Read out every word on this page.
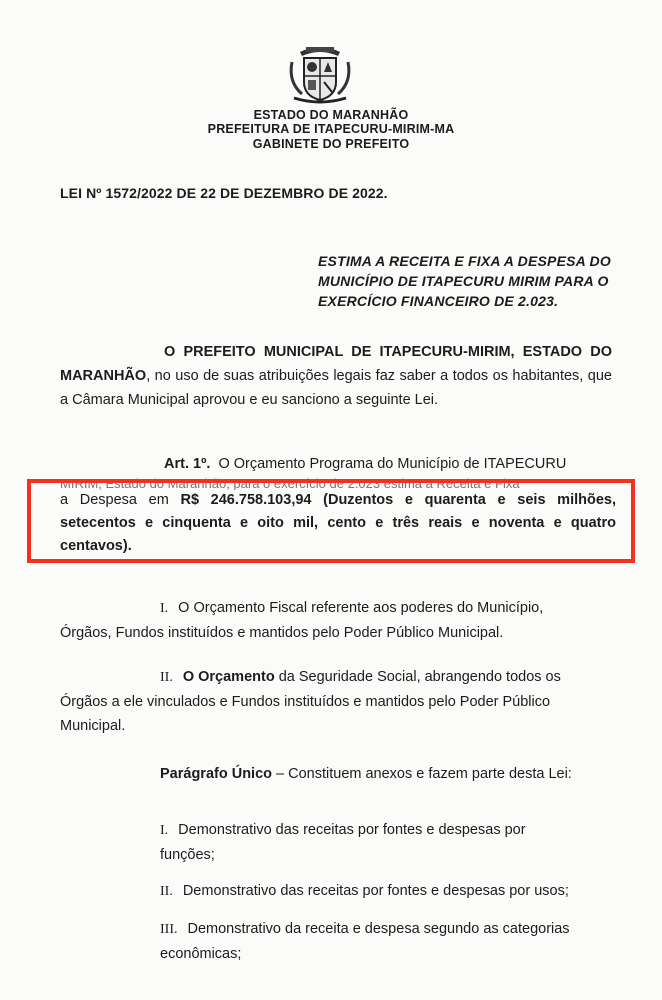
ESTADO DO MARANHÃO
PREFEITURA DE ITAPECURU-MIRIM-MA
GABINETE DO PREFEITO
LEI Nº 1572/2022 DE 22 DE DEZEMBRO DE 2022.
ESTIMA A RECEITA E FIXA A DESPESA DO
MUNICÍPIO DE ITAPECURU MIRIM PARA O
EXERCÍCIO FINANCEIRO DE 2.023.
O PREFEITO MUNICIPAL DE ITAPECURU-MIRIM, ESTADO DO
MARANHÃO, no uso de suas atribuições legais faz saber a todos os habitantes, que a Câmara Municipal aprovou e eu sanciono a seguinte Lei.
Art. 1º. O Orçamento Programa do Município de ITAPECURU
MIRIM, Estado do Maranhão, para o exercício de 2.023 estima a Receita e Fixa
a Despesa em R$ 246.758.103,94 (Duzentos e quarenta e seis milhões,
setecentos e cinquenta e oito mil, cento e três reais e noventa e quatro
centavos).
I. O Orçamento Fiscal referente aos poderes do Município,
Órgãos, Fundos instituídos e mantidos pelo Poder Público Municipal.
II. O Orçamento da Seguridade Social, abrangendo todos os
Órgãos a ele vinculados e Fundos instituídos e mantidos pelo Poder Público
Municipal.
Parágrafo Único – Constituem anexos e fazem parte desta Lei:
I. Demonstrativo das receitas por fontes e despesas por
funções;
II. Demonstrativo das receitas por fontes e despesas por usos;
III. Demonstrativo da receita e despesa segundo as categorias
econômicas;
